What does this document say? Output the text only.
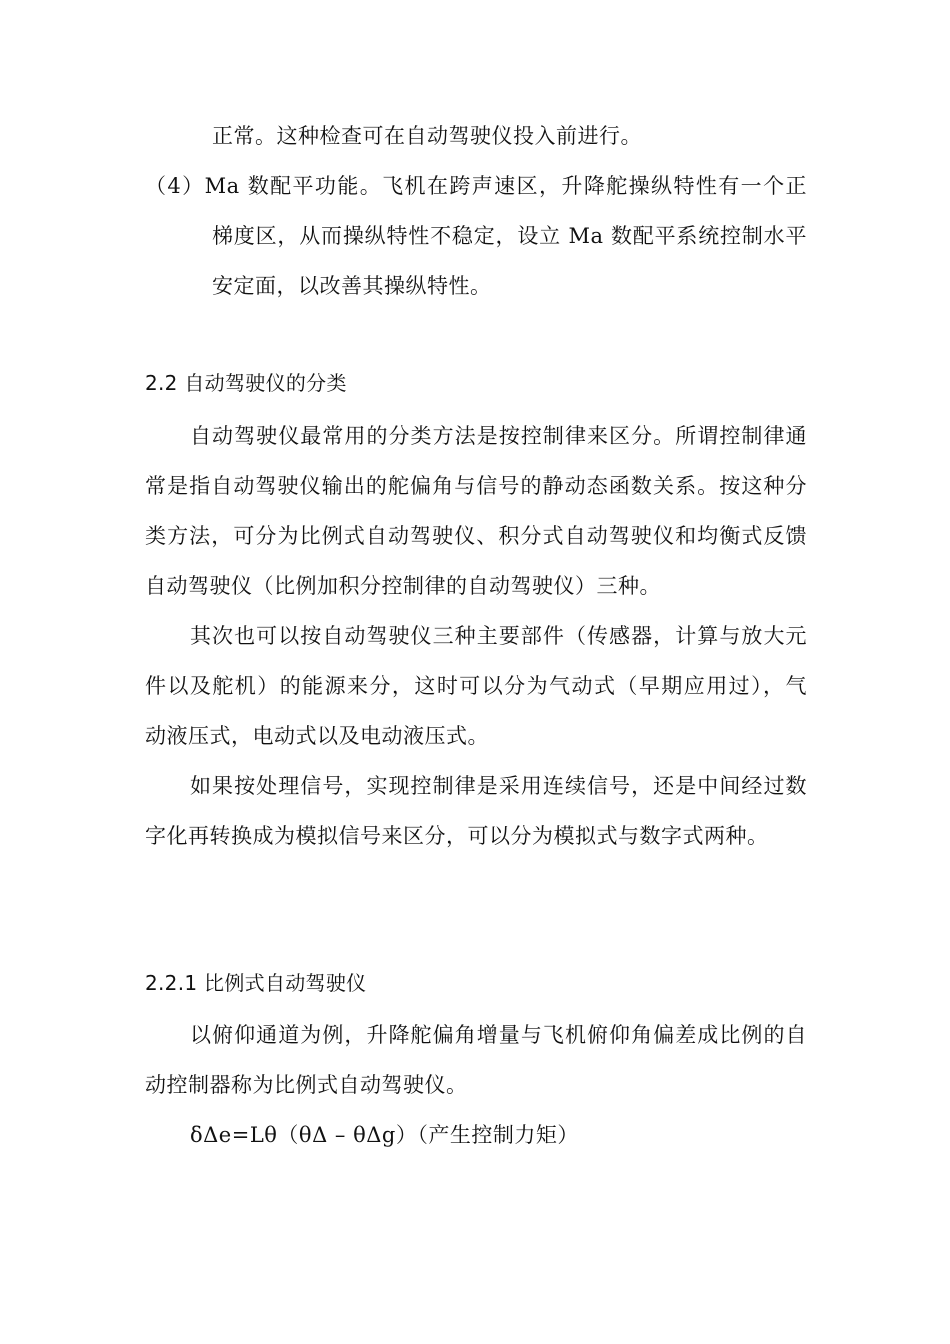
正常。这种检查可在自动驾驶仪投入前进行。
（4）Ma 数配平功能。飞机在跨声速区，升降舵操纵特性有一个正
梯度区，从而操纵特性不稳定，设立 Ma 数配平系统控制水平
安定面，以改善其操纵特性。
2.2 自动驾驶仪的分类
自动驾驶仪最常用的分类方法是按控制律来区分。所谓控制律通
常是指自动驾驶仪输出的舵偏角与信号的静动态函数关系。按这种分
类方法，可分为比例式自动驾驶仪、积分式自动驾驶仪和均衡式反馈
自动驾驶仪（比例加积分控制律的自动驾驶仪）三种。
其次也可以按自动驾驶仪三种主要部件（传感器，计算与放大元
件以及舵机）的能源来分，这时可以分为气动式（早期应用过），气
动液压式，电动式以及电动液压式。
如果按处理信号，实现控制律是采用连续信号，还是中间经过数
字化再转换成为模拟信号来区分，可以分为模拟式与数字式两种。
2.2.1 比例式自动驾驶仪
以俯仰通道为例，升降舵偏角增量与飞机俯仰角偏差成比例的自
动控制器称为比例式自动驾驶仪。
δΔe=Lθ（θΔ – θΔg）（产生控制力矩）
